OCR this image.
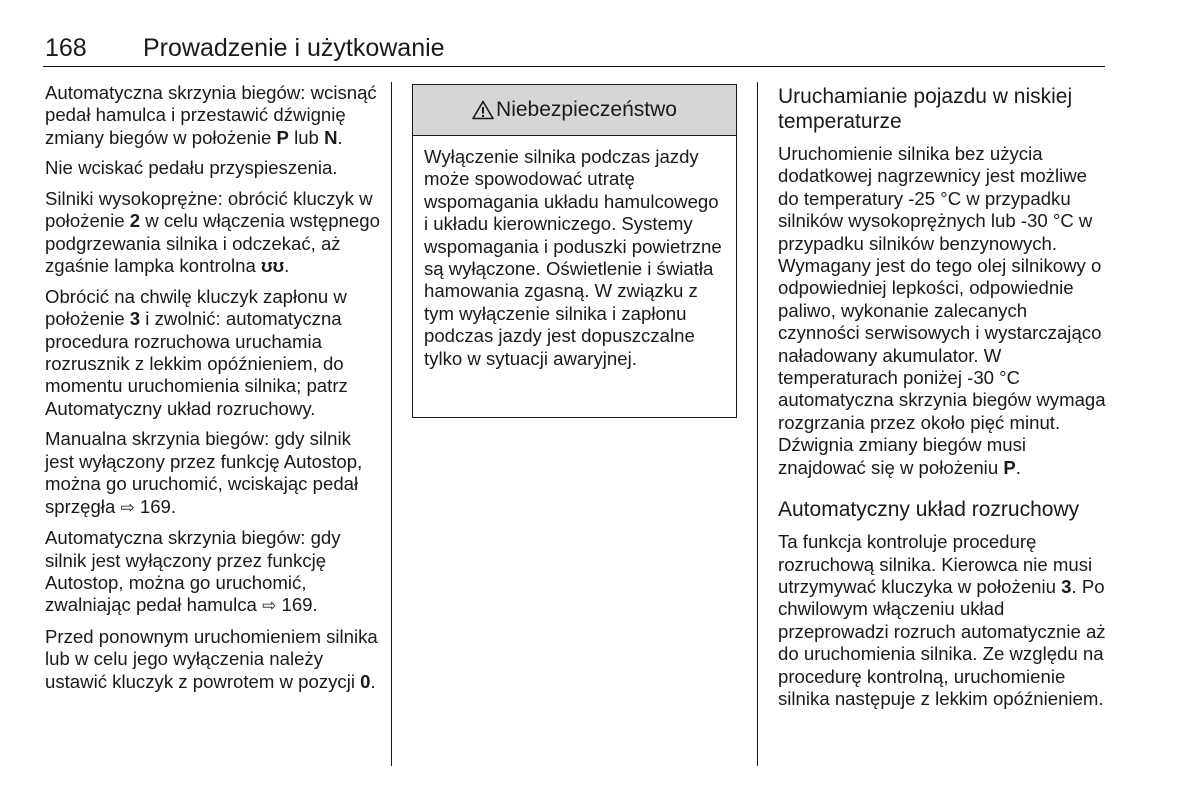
168 Prowadzenie i użytkowanie

Automatyczna skrzynia biegów: wcisnąć pedał hamulca i przestawić dźwignię zmiany biegów w położenie P lub N.

Nie wciskać pedału przyspieszenia.

Silniki wysokoprężne: obrócić kluczyk w położenie 2 w celu włączenia wstępnego podgrzewania silnika i odczekać, aż zgaśnie lampka kontrolna ʊʊ.

Obrócić na chwilę kluczyk zapłonu w położenie 3 i zwolnić: automatyczna procedura rozruchowa uruchamia rozrusznik z lekkim opóźnieniem, do momentu uruchomienia silnika; patrz Automatyczny układ rozruchowy.

Manualna skrzynia biegów: gdy silnik jest wyłączony przez funkcję Autostop, można go uruchomić, wciskając pedał sprzęgła ⇨ 169.

Automatyczna skrzynia biegów: gdy silnik jest wyłączony przez funkcję Autostop, można go uruchomić, zwalniając pedał hamulca ⇨ 169.

Przed ponownym uruchomieniem silnika lub w celu jego wyłączenia należy ustawić kluczyk z powrotem w pozycji 0.

Niebezpieczeństwo
Wyłączenie silnika podczas jazdy może spowodować utratę wspomagania układu hamulcowego i układu kierowniczego. Systemy wspomagania i poduszki powietrzne są wyłączone. Oświetlenie i światła hamowania zgasną. W związku z tym wyłączenie silnika i zapłonu podczas jazdy jest dopuszczalne tylko w sytuacji awaryjnej.
Uruchamianie pojazdu w niskiej temperaturze

Uruchomienie silnika bez użycia dodatkowej nagrzewnicy jest możliwe do temperatury -25 °C w przypadku silników wysokoprężnych lub -30 °C w przypadku silników benzynowych. Wymagany jest do tego olej silnikowy o odpowiedniej lepkości, odpowiednie paliwo, wykonanie zalecanych czynności serwisowych i wystarczająco naładowany akumulator. W temperaturach poniżej -30 °C automatyczna skrzynia biegów wymaga rozgrzania przez około pięć minut. Dźwignia zmiany biegów musi znajdować się w położeniu P.

Automatyczny układ rozruchowy

Ta funkcja kontroluje procedurę rozruchową silnika. Kierowca nie musi utrzymywać kluczyka w położeniu 3. Po chwilowym włączeniu układ przeprowadzi rozruch automatycznie aż do uruchomienia silnika. Ze względu na procedurę kontrolną, uruchomienie silnika następuje z lekkim opóźnieniem.
